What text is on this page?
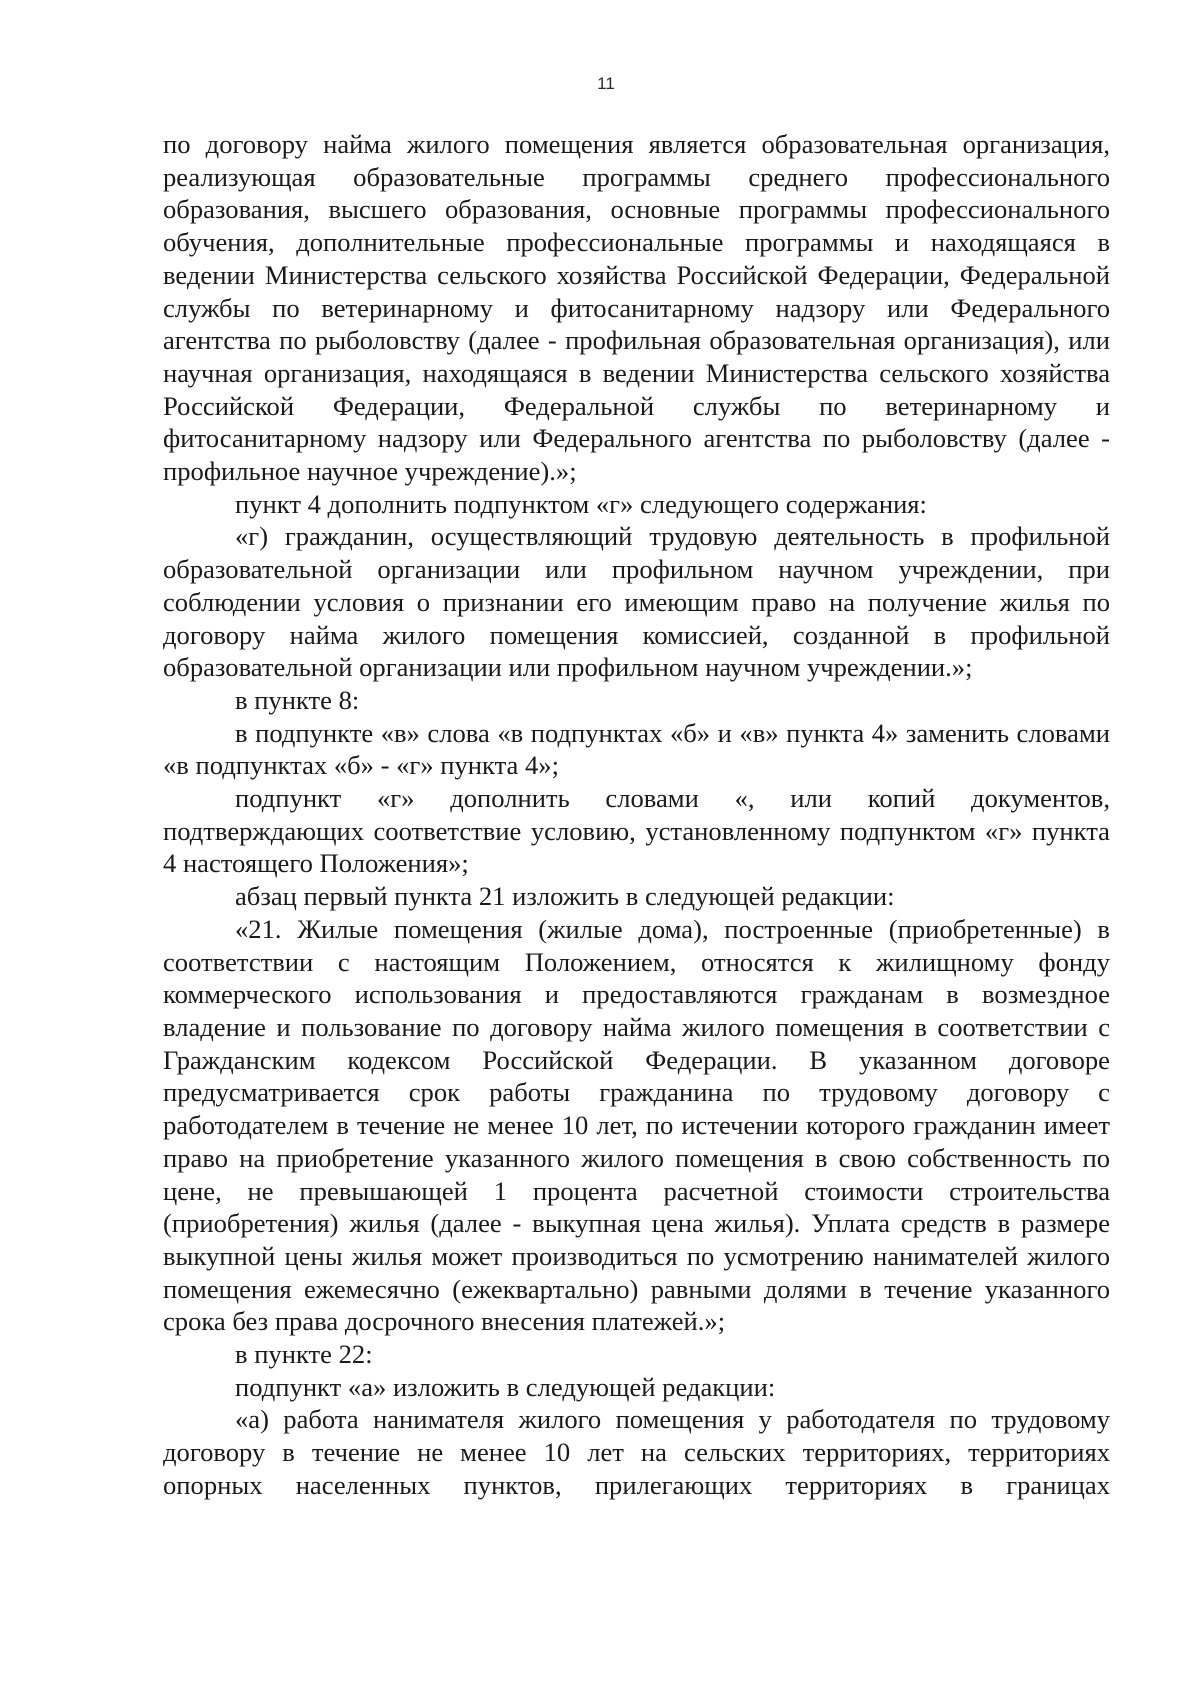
11

по договору найма жилого помещения является образовательная организация, реализующая образовательные программы среднего профессионального образования, высшего образования, основные программы профессионального обучения, дополнительные профессиональные программы и находящаяся в ведении Министерства сельского хозяйства Российской Федерации, Федеральной службы по ветеринарному и фитосанитарному надзору или Федерального агентства по рыболовству (далее - профильная образовательная организация), или научная организация, находящаяся в ведении Министерства сельского хозяйства Российской Федерации, Федеральной службы по ветеринарному и фитосанитарному надзору или Федерального агентства по рыболовству (далее - профильное научное учреждение).»;

пункт 4 дополнить подпунктом «г» следующего содержания:

«г) гражданин, осуществляющий трудовую деятельность в профильной образовательной организации или профильном научном учреждении, при соблюдении условия о признании его имеющим право на получение жилья по договору найма жилого помещения комиссией, созданной в профильной образовательной организации или профильном научном учреждении.»;

в пункте 8:

в подпункте «в» слова «в подпунктах «б» и «в» пункта 4» заменить словами «в подпунктах «б» - «г» пункта 4»;

подпункт «г» дополнить словами «, или копий документов, подтверждающих соответствие условию, установленному подпунктом «г» пункта 4 настоящего Положения»;

абзац первый пункта 21 изложить в следующей редакции:

«21. Жилые помещения (жилые дома), построенные (приобретенные) в соответствии с настоящим Положением, относятся к жилищному фонду коммерческого использования и предоставляются гражданам в возмездное владение и пользование по договору найма жилого помещения в соответствии с Гражданским кодексом Российской Федерации. В указанном договоре предусматривается срок работы гражданина по трудовому договору с работодателем в течение не менее 10 лет, по истечении которого гражданин имеет право на приобретение указанного жилого помещения в свою собственность по цене, не превышающей 1 процента расчетной стоимости строительства (приобретения) жилья (далее - выкупная цена жилья). Уплата средств в размере выкупной цены жилья может производиться по усмотрению нанимателей жилого помещения ежемесячно (ежеквартально) равными долями в течение указанного срока без права досрочного внесения платежей.»;

в пункте 22:

подпункт «а» изложить в следующей редакции:

«а) работа нанимателя жилого помещения у работодателя по трудовому договору в течение не менее 10 лет на сельских территориях, территориях опорных населенных пунктов, прилегающих территориях в границах
